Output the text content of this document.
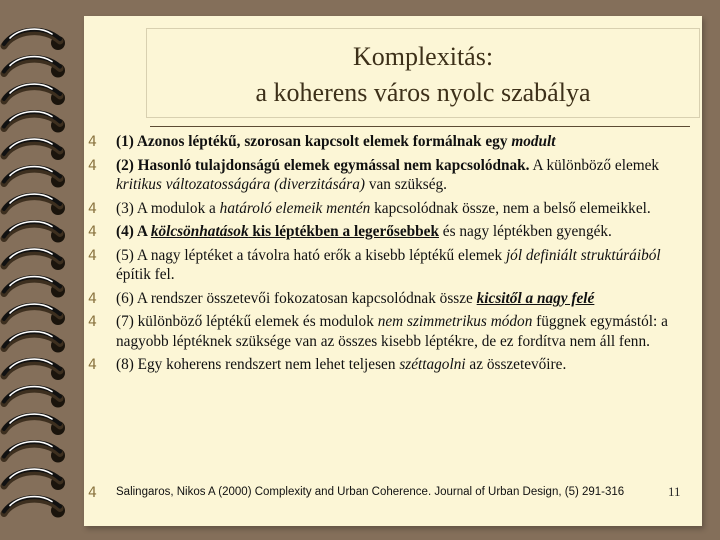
Komplexitás:
a koherens város nyolc szabálya
4 (1) Azonos léptékű, szorosan kapcsolt elemek formálnak egy modult
4 (2) Hasonló tulajdonságú elemek egymással nem kapcsolódnak. A különböző elemek kritikus változatosságára (diverzitására) van szükség.
4 (3) A modulok a határoló elemeik mentén kapcsolódnak össze, nem a belső elemeikkel.
4 (4) A kölcsönhatások kis léptékben a legerősebbek és nagy léptékben gyengék.
4 (5) A nagy léptéket a távolra ható erők a kisebb léptékű elemek jól definiált struktúráiból építik fel.
4 (6) A rendszer összetevői fokozatosan kapcsolódnak össze kicsitől a nagy felé
4 (7) különböző léptékű elemek és modulok nem szimmetrikus módon függnek egymástól: a nagyobb léptéknek szüksége van az összes kisebb léptékre, de ez fordítva nem áll fenn.
4 (8) Egy koherens rendszert nem lehet teljesen széttagolni az összetevőire.
4 Salingaros, Nikos A (2000) Complexity and Urban Coherence. Journal of Urban Design, (5) 291-316	11
